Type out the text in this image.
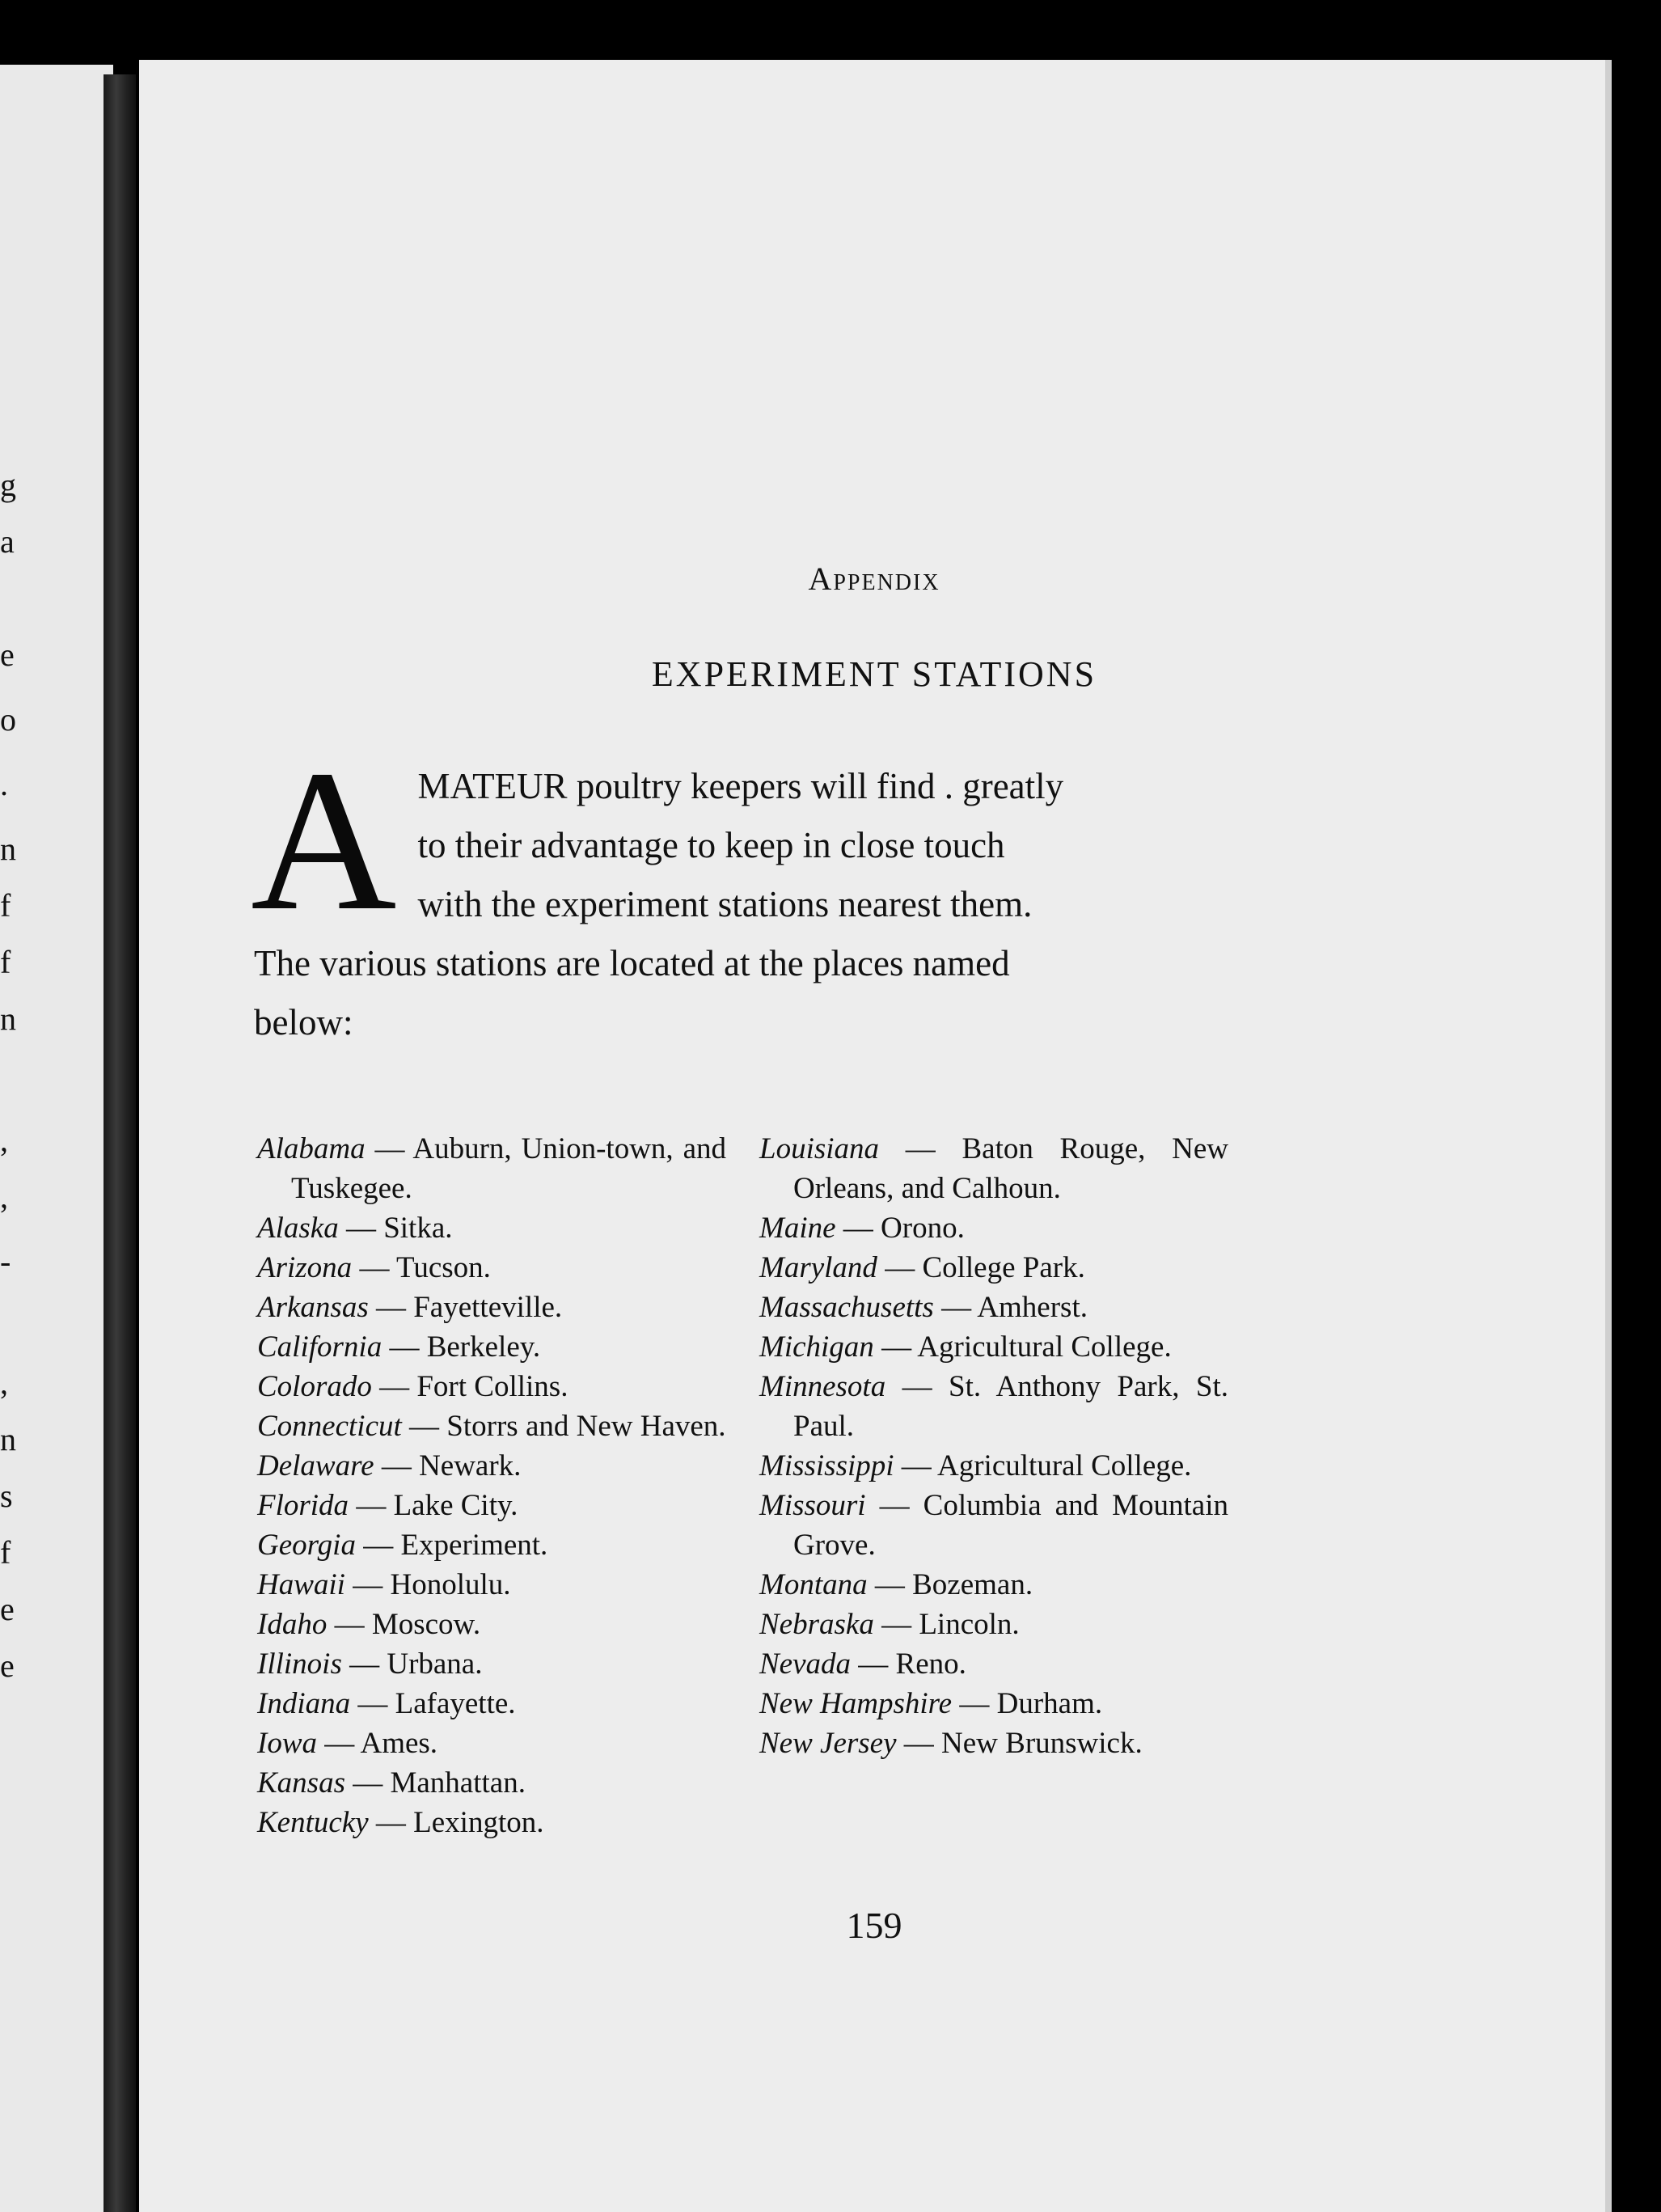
g
a
e
o
.
n
f
f
n
,
,
-
,
n
s
f
e
e
Appendix
EXPERIMENT STATIONS
A MATEUR poultry keepers will find . greatly
to their advantage to keep in close touch
with the experiment stations nearest them.
The various stations are located at the places named
below:
Alabama — Auburn, Union-town, and Tuskegee.
Alaska — Sitka.
Arizona — Tucson.
Arkansas — Fayetteville.
California — Berkeley.
Colorado — Fort Collins.
Connecticut — Storrs and New Haven.
Delaware — Newark.
Florida — Lake City.
Georgia — Experiment.
Hawaii — Honolulu.
Idaho — Moscow.
Illinois — Urbana.
Indiana — Lafayette.
Iowa — Ames.
Kansas — Manhattan.
Kentucky — Lexington.
Louisiana — Baton Rouge, New Orleans, and Calhoun.
Maine — Orono.
Maryland — College Park.
Massachusetts — Amherst.
Michigan — Agricultural College.
Minnesota — St. Anthony Park, St. Paul.
Mississippi — Agricultural College.
Missouri — Columbia and Mountain Grove.
Montana — Bozeman.
Nebraska — Lincoln.
Nevada — Reno.
New Hampshire — Durham.
New Jersey — New Brunswick.
159
